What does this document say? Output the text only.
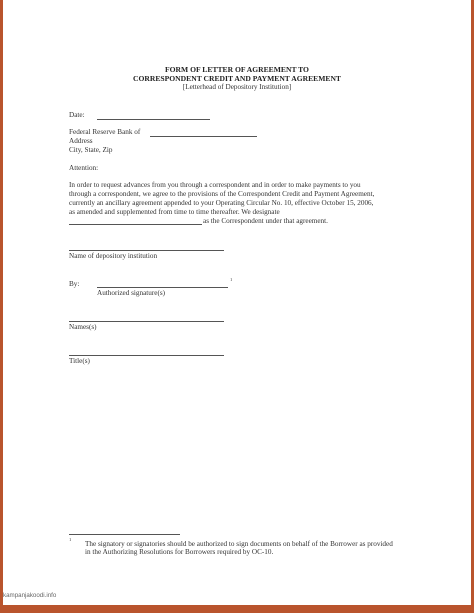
FORM OF LETTER OF AGREEMENT TO
CORRESPONDENT CREDIT AND PAYMENT AGREEMENT
[Letterhead of Depository Institution]
Date:
Federal Reserve Bank of
Address
City, State, Zip
Attention:
In order to request advances from you through a correspondent and in order to make payments to you
through a correspondent, we agree to the provisions of the Correspondent Credit and Payment Agreement,
currently an ancillary agreement appended to your Operating Circular No. 10, effective October 15, 2006,
as amended and supplemented from time to time thereafter. We designate
as the Correspondent under that agreement.
Name of depository institution
By:
1
Authorized signature(s)
Names(s)
Title(s)
1
The signatory or signatories should be authorized to sign documents on behalf of the Borrower as provided
in the Authorizing Resolutions for Borrowers required by OC-10.
kampanjakoodi.info
